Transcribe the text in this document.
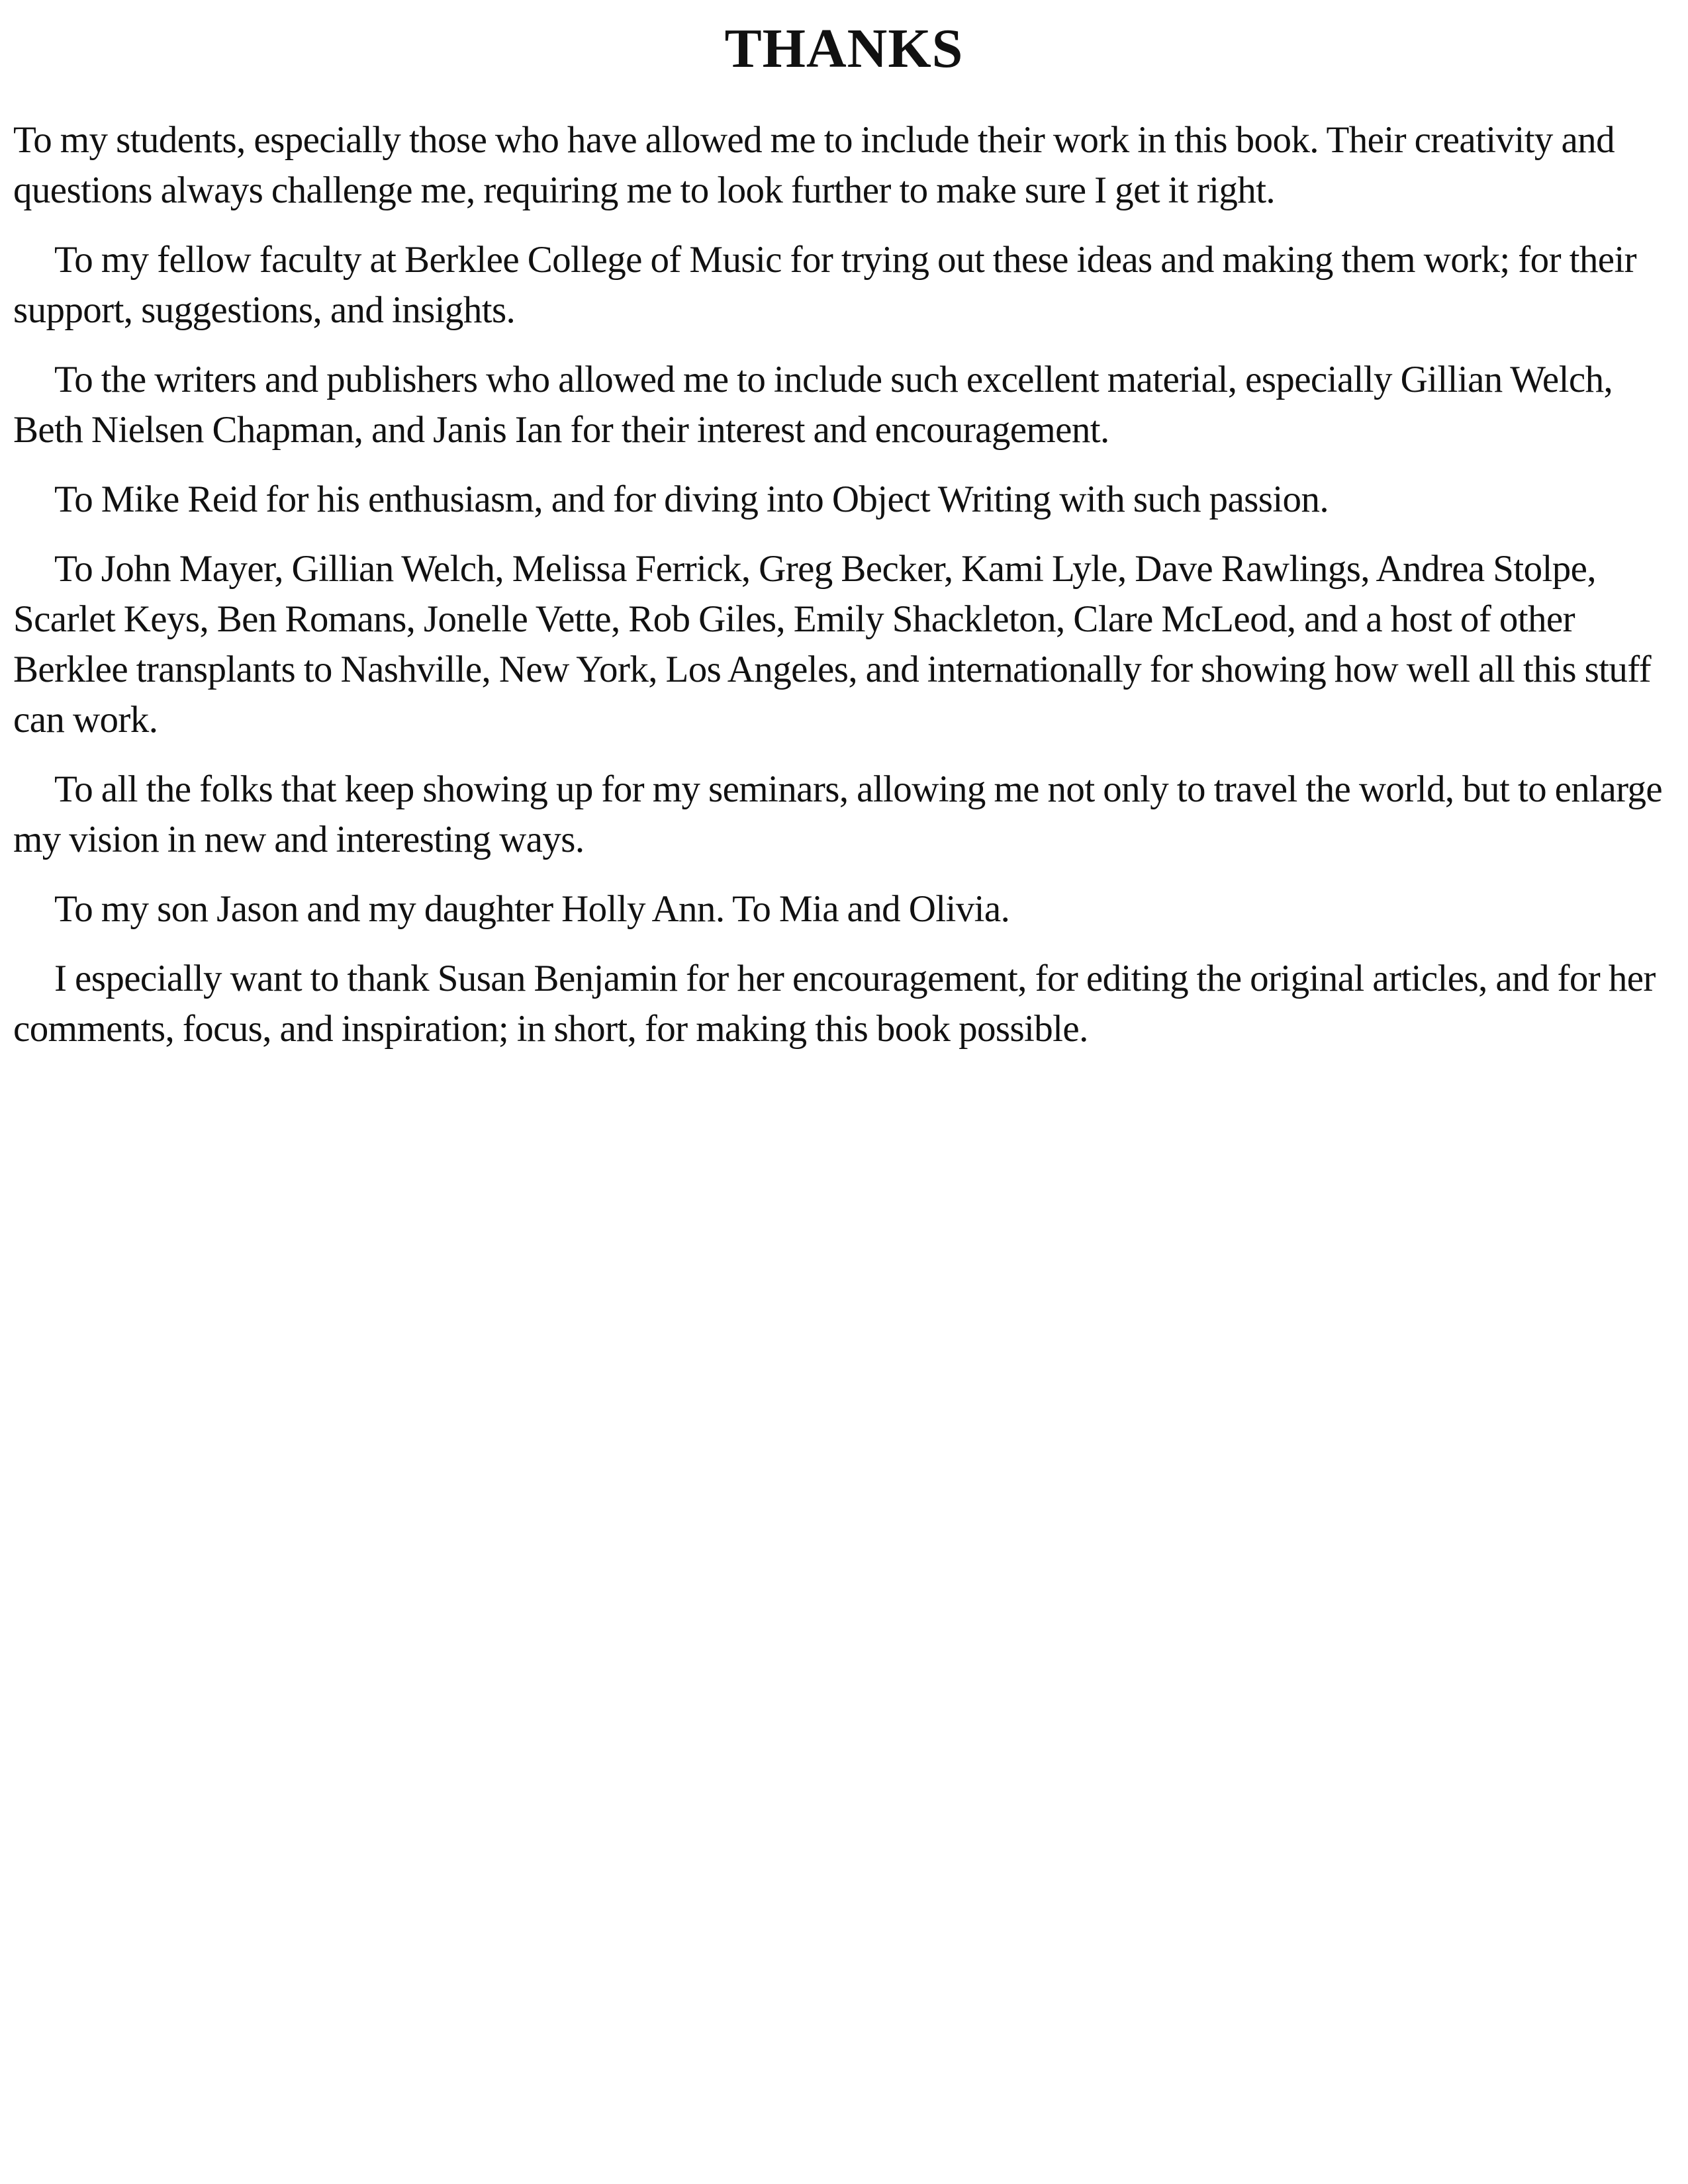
THANKS

To my students, especially those who have allowed me to include their work in this book. Their creativity and questions always challenge me, requiring me to look further to make sure I get it right.

To my fellow faculty at Berklee College of Music for trying out these ideas and making them work; for their support, suggestions, and insights.

To the writers and publishers who allowed me to include such excellent material, especially Gillian Welch, Beth Nielsen Chapman, and Janis Ian for their interest and encouragement.

To Mike Reid for his enthusiasm, and for diving into Object Writing with such passion.

To John Mayer, Gillian Welch, Melissa Ferrick, Greg Becker, Kami Lyle, Dave Rawlings, Andrea Stolpe, Scarlet Keys, Ben Romans, Jonelle Vette, Rob Giles, Emily Shackleton, Clare McLeod, and a host of other Berklee transplants to Nashville, New York, Los Angeles, and internationally for showing how well all this stuff can work.

To all the folks that keep showing up for my seminars, allowing me not only to travel the world, but to enlarge my vision in new and interesting ways.

To my son Jason and my daughter Holly Ann. To Mia and Olivia.

I especially want to thank Susan Benjamin for her encouragement, for editing the original articles, and for her comments, focus, and inspiration; in short, for making this book possible.
